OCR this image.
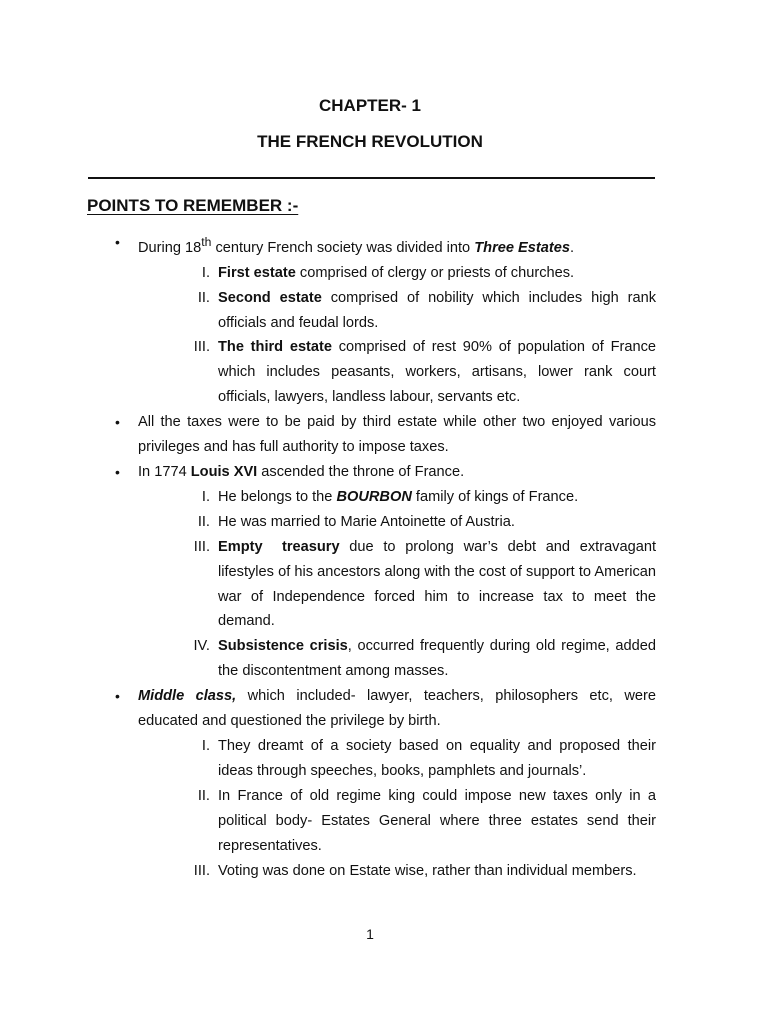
CHAPTER- 1
THE FRENCH REVOLUTION
POINTS TO REMEMBER :-
• During 18th century French society was divided into Three Estates.
I. First estate comprised of clergy or priests of churches.
II. Second estate comprised of nobility which includes high rank officials and feudal lords.
III. The third estate comprised of rest 90% of population of France which includes peasants, workers, artisans, lower rank court officials, lawyers, landless labour, servants etc.
• All the taxes were to be paid by third estate while other two enjoyed various privileges and has full authority to impose taxes.
• In 1774 Louis XVI ascended the throne of France.
I. He belongs to the BOURBON family of kings of France.
II. He was married to Marie Antoinette of Austria.
III. Empty  treasury due to prolong war’s debt and extravagant lifestyles of his ancestors along with the cost of support to American war of Independence forced him to increase tax to meet the demand.
IV. Subsistence crisis, occurred frequently during old regime, added the discontentment among masses.
• Middle class, which included- lawyer, teachers, philosophers etc, were educated and questioned the privilege by birth.
I. They dreamt of a society based on equality and proposed their ideas through speeches, books, pamphlets and journals’.
II. In France of old regime king could impose new taxes only in a political body- Estates General where three estates send their representatives.
III. Voting was done on Estate wise, rather than individual members.
1
